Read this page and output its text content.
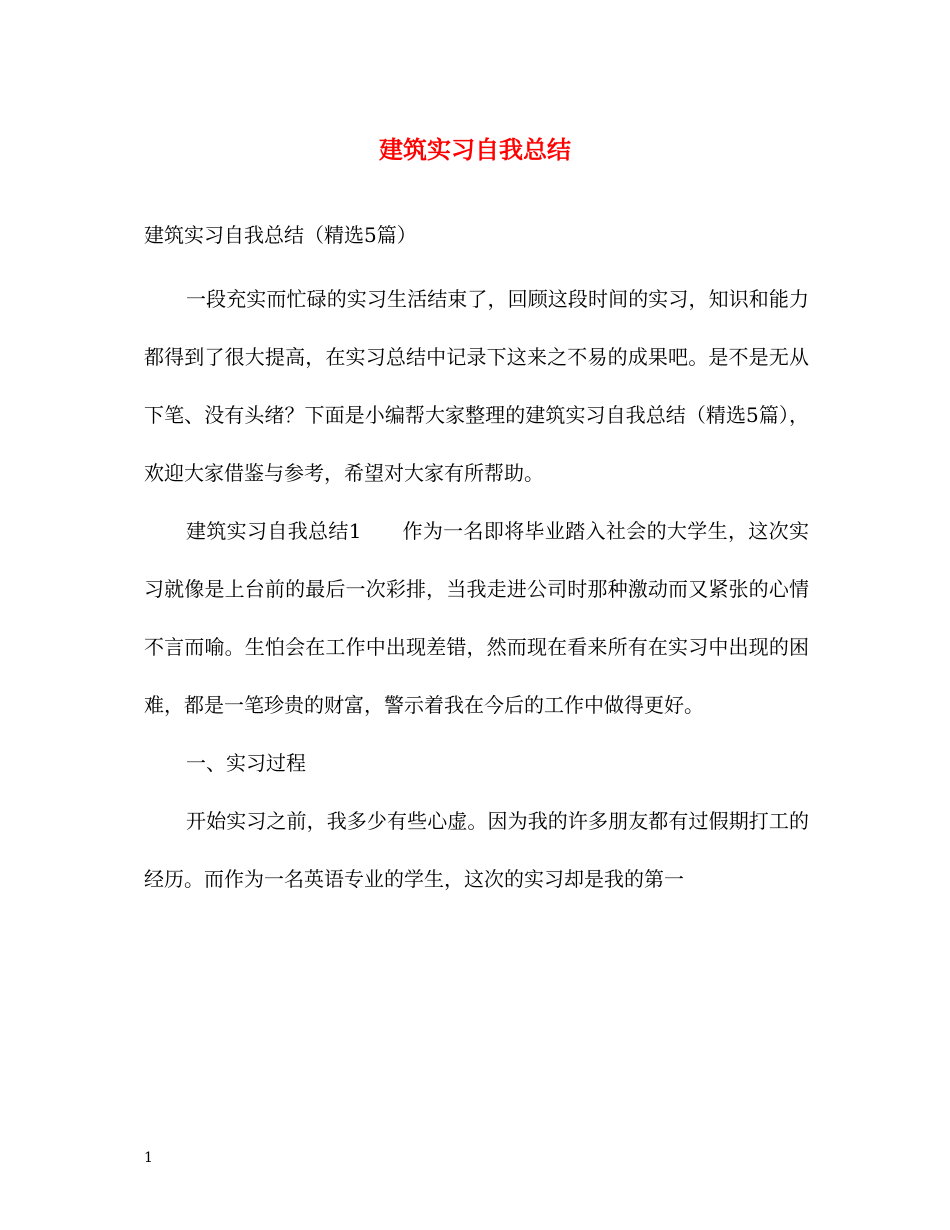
建筑实习自我总结

建筑实习自我总结（精选5篇）

一段充实而忙碌的实习生活结束了，回顾这段时间的实习，知识和能力都得到了很大提高，在实习总结中记录下这来之不易的成果吧。是不是无从下笔、没有头绪？下面是小编帮大家整理的建筑实习自我总结（精选5篇），欢迎大家借鉴与参考，希望对大家有所帮助。

建筑实习自我总结1　　作为一名即将毕业踏入社会的大学生，这次实习就像是上台前的最后一次彩排，当我走进公司时那种激动而又紧张的心情不言而喻。生怕会在工作中出现差错，然而现在看来所有在实习中出现的困难，都是一笔珍贵的财富，警示着我在今后的工作中做得更好。

一、实习过程

开始实习之前，我多少有些心虚。因为我的许多朋友都有过假期打工的经历。而作为一名英语专业的学生，这次的实习却是我的第一

1
